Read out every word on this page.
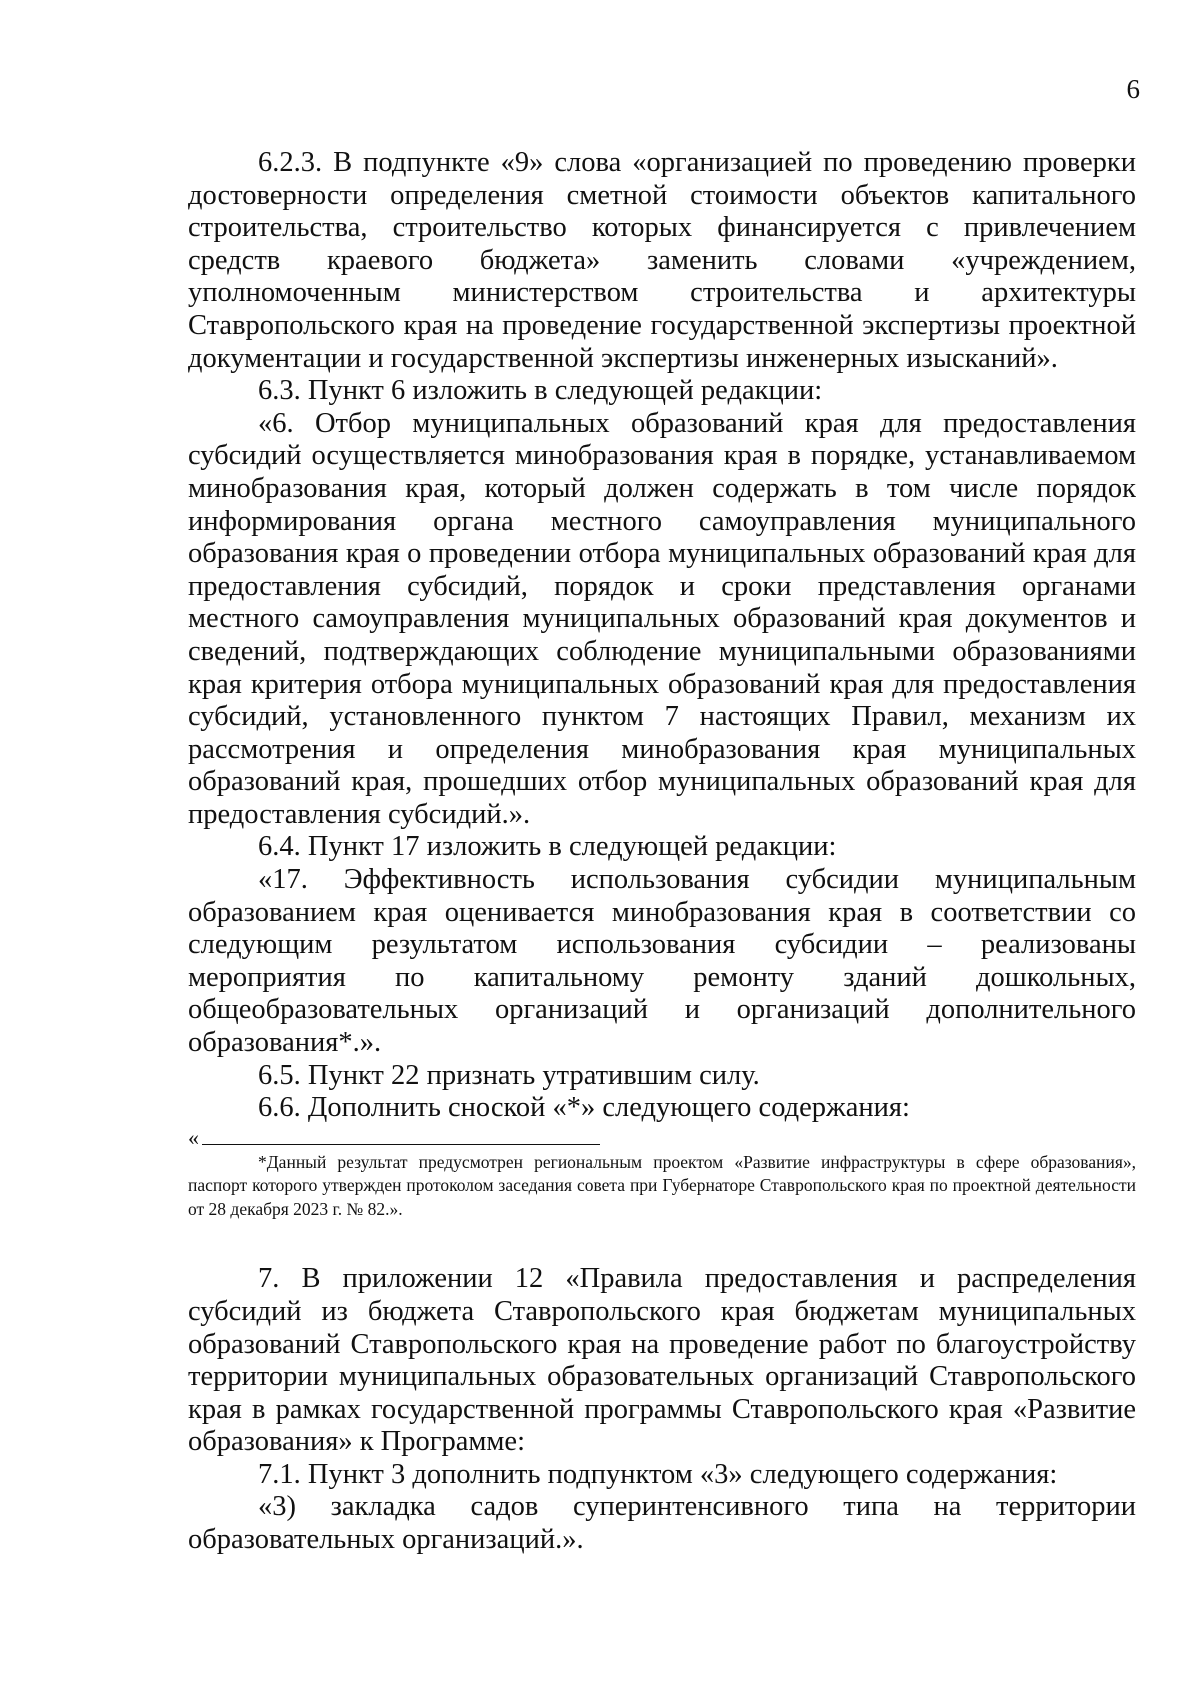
6

6.2.3. В подпункте «9» слова «организацией по проведению проверки достоверности определения сметной стоимости объектов капитального строительства, строительство которых финансируется с привлечением средств краевого бюджета» заменить словами «учреждением, уполномоченным министерством строительства и архитектуры Ставропольского края на проведение государственной экспертизы проектной документации и государственной экспертизы инженерных изысканий».

6.3. Пункт 6 изложить в следующей редакции:

«6. Отбор муниципальных образований края для предоставления субсидий осуществляется минобразования края в порядке, устанавливаемом минобразования края, который должен содержать в том числе порядок информирования органа местного самоуправления муниципального образования края о проведении отбора муниципальных образований края для предоставления субсидий, порядок и сроки представления органами местного самоуправления муниципальных образований края документов и сведений, подтверждающих соблюдение муниципальными образованиями края критерия отбора муниципальных образований края для предоставления субсидий, установленного пунктом 7 настоящих Правил, механизм их рассмотрения и определения минобразования края муниципальных образований края, прошедших отбор муниципальных образований края для предоставления субсидий.».

6.4. Пункт 17 изложить в следующей редакции:

«17. Эффективность использования субсидии муниципальным образованием края оценивается минобразования края в соответствии со следующим результатом использования субсидии – реализованы мероприятия по капитальному ремонту зданий дошкольных, общеобразовательных организаций и организаций дополнительного образования*.».

6.5. Пункт 22 признать утратившим силу.

6.6. Дополнить сноской «*» следующего содержания:

«

*Данный результат предусмотрен региональным проектом «Развитие инфраструктуры в сфере образования», паспорт которого утвержден протоколом заседания совета при Губернаторе Ставропольского края по проектной деятельности от 28 декабря 2023 г. № 82.».

7. В приложении 12 «Правила предоставления и распределения субсидий из бюджета Ставропольского края бюджетам муниципальных образований Ставропольского края на проведение работ по благоустройству территории муниципальных образовательных организаций Ставропольского края в рамках государственной программы Ставропольского края «Развитие образования» к Программе:

7.1. Пункт 3 дополнить подпунктом «3» следующего содержания:

«3) закладка садов суперинтенсивного типа на территории образовательных организаций.».
